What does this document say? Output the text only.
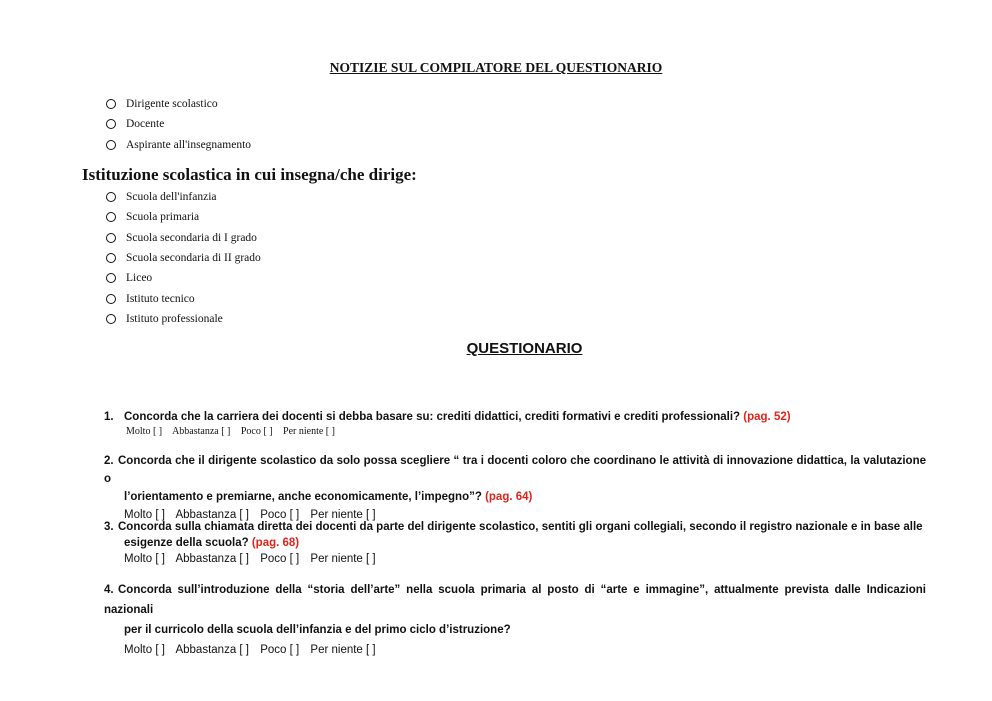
NOTIZIE SUL COMPILATORE DEL QUESTIONARIO
Dirigente scolastico
Docente
Aspirante all'insegnamento
Istituzione scolastica in cui insegna/che dirige:
Scuola dell'infanzia
Scuola primaria
Scuola secondaria di I grado
Scuola secondaria di II grado
Liceo
Istituto tecnico
Istituto professionale
QUESTIONARIO
1. Concorda che la carriera dei docenti si debba basare su: crediti didattici, crediti formativi e crediti professionali? (pag. 52)
Molto [ ] Abbastanza [ ] Poco [ ] Per niente [ ]
2. Concorda che il dirigente scolastico da solo possa scegliere “ tra i docenti coloro che coordinano le attività di innovazione didattica, la valutazione o
l’orientamento e premiarne, anche economicamente, l’impegno”? (pag. 64)
Molto [ ] Abbastanza [ ] Poco [ ] Per niente [ ]
3. Concorda sulla chiamata diretta dei docenti da parte del dirigente scolastico, sentiti gli organi collegiali, secondo il registro nazionale e in base alle
esigenze della scuola? (pag. 68)
Molto [ ] Abbastanza [ ] Poco [ ] Per niente [ ]
4. Concorda sull’introduzione della “storia dell’arte” nella scuola primaria al posto di “arte e immagine”, attualmente prevista dalle Indicazioni nazionali
per il curricolo della scuola dell’infanzia e del primo ciclo d’istruzione?
Molto [ ] Abbastanza [ ] Poco [ ] Per niente [ ]
